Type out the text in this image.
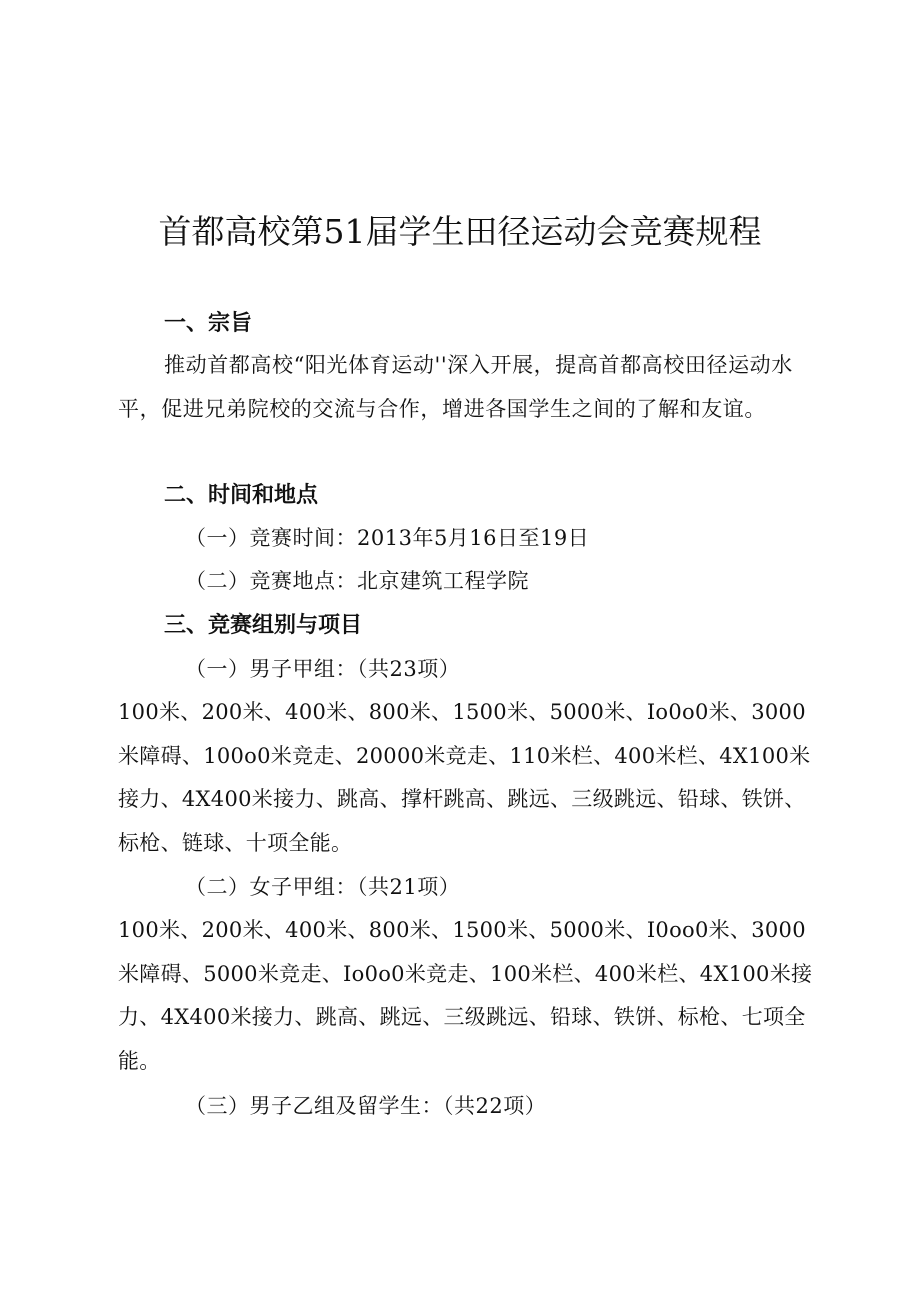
首都高校第51届学生田径运动会竞赛规程
一、宗旨

推动首都高校“阳光体育运动''深入开展，提高首都高校田径运动水平，促进兄弟院校的交流与合作，增进各国学生之间的了解和友谊。

二、时间和地点

（一）竞赛时间：2013年5月16日至19日

（二）竞赛地点：北京建筑工程学院

三、竞赛组别与项目

（一）男子甲组：（共23项）

100米、200米、400米、800米、1500米、5000米、Io0o0米、3000米障碍、100o0米竞走、20000米竞走、110米栏、400米栏、4X100米接力、4X400米接力、跳高、撑杆跳高、跳远、三级跳远、铅球、铁饼、标枪、链球、十项全能。

（二）女子甲组：（共21项）

100米、200米、400米、800米、1500米、5000米、I0oo0米、3000米障碍、5000米竞走、Io0o0米竞走、100米栏、400米栏、4X100米接力、4X400米接力、跳高、跳远、三级跳远、铅球、铁饼、标枪、七项全能。

（三）男子乙组及留学生：（共22项）
